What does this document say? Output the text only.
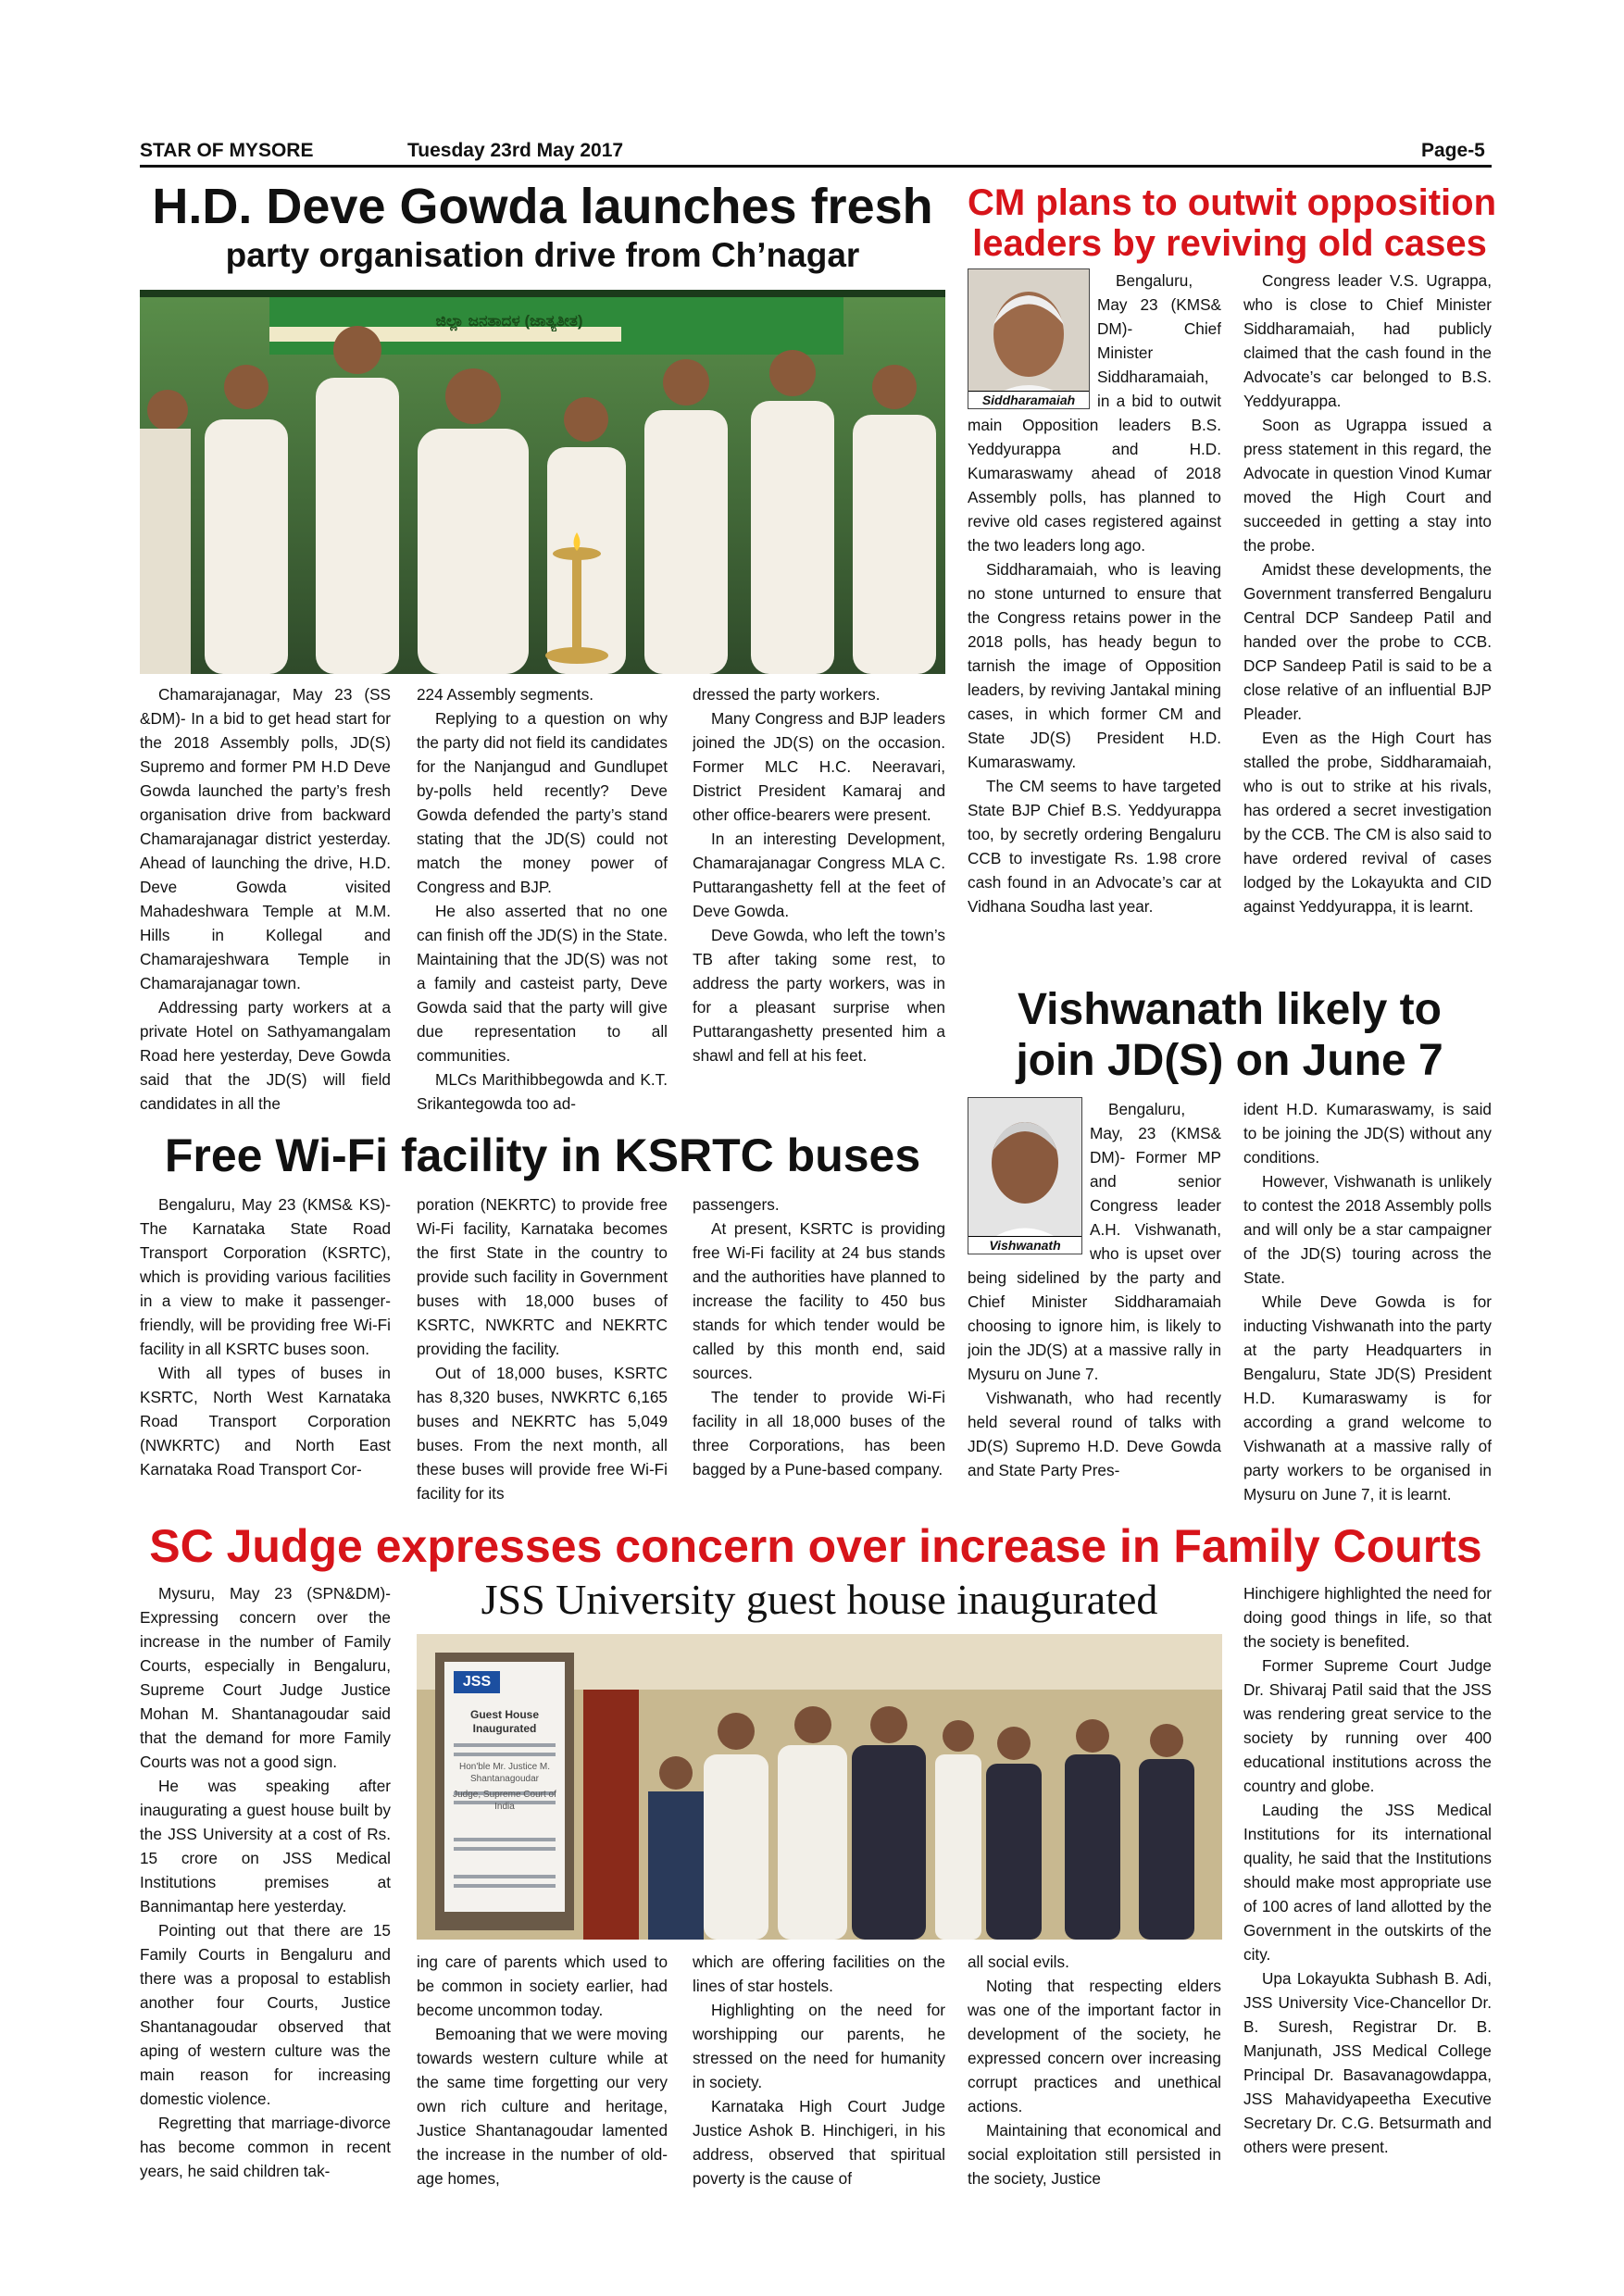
STAR OF MYSORE	Tuesday 23rd May 2017	Page-5
H.D. Deve Gowda launches fresh
party organisation drive from Ch’nagar
ಜಿಲ್ಲಾ ಜನತಾದಳ (ಜಾತ್ಯತೀತ)

Chamarajanagar, May 23 (SS &DM)- In a bid to get head start for the 2018 Assembly polls, JD(S) Supremo and former PM H.D Deve Gowda launched the party’s fresh organisation drive from backward Chamarajanagar district yesterday. Ahead of launching the drive, H.D. Deve Gowda visited Mahadeshwara Temple at M.M. Hills in Kollegal and Chamarajeshwara Temple in Chamarajanagar town.

Addressing party workers at a private Hotel on Sathyamangalam Road here yesterday, Deve Gowda said that the JD(S) will field candidates in all the

224 Assembly segments.

Replying to a question on why the party did not field its candidates for the Nanjangud and Gundlupet by-polls held recently? Deve Gowda defended the party’s stand stating that the JD(S) could not match the money power of Congress and BJP.

He also asserted that no one can finish off the JD(S) in the State. Maintaining that the JD(S) was not a family and casteist party, Deve Gowda said that the party will give due representation to all communities.

MLCs Marithibbegowda and K.T. Srikantegowda too ad-

dressed the party workers.

Many Congress and BJP leaders joined the JD(S) on the occasion. Former MLC H.C. Neeravari, District President Kamaraj and other office-bearers were present.

In an interesting Development, Chamarajanagar Congress MLA C. Puttarangashetty fell at the feet of Deve Gowda.

Deve Gowda, who left the town’s TB after taking some rest, to address the party workers, was in for a pleasant surprise when Puttarangashetty presented him a shawl and fell at his feet.

CM plans to outwit opposition
leaders by reviving old cases
Siddharamaiah

Bengaluru, May 23 (KMS& DM)- Chief Minister Siddharamaiah, in a bid to outwit main Opposition leaders B.S. Yeddyurappa and H.D. Kumaraswamy ahead of 2018 Assembly polls, has planned to revive old cases registered against the two leaders long ago.

Siddharamaiah, who is leaving no stone unturned to ensure that the Congress retains power in the 2018 polls, has heady begun to tarnish the image of Opposition leaders, by reviving Jantakal mining cases, in which former CM and State JD(S) President H.D. Kumaraswamy.

The CM seems to have targeted State BJP Chief B.S. Yeddyurappa too, by secretly ordering Bengaluru CCB to investigate Rs. 1.98 crore cash found in an Advocate’s car at Vidhana Soudha last year.

Congress leader V.S. Ugrappa, who is close to Chief Minister Siddharamaiah, had publicly claimed that the cash found in the Advocate’s car belonged to B.S. Yeddyurappa.

Soon as Ugrappa issued a press statement in this regard, the Advocate in question Vinod Kumar moved the High Court and succeeded in getting a stay into the probe.

Amidst these developments, the Government transferred Bengaluru Central DCP Sandeep Patil and handed over the probe to CCB. DCP Sandeep Patil is said to be a close relative of an influential BJP Pleader.

Even as the High Court has stalled the probe, Siddharamaiah, who is out to strike at his rivals, has ordered a secret investigation by the CCB. The CM is also said to have ordered revival of cases lodged by the Lokayukta and CID against Yeddyurappa, it is learnt.

Vishwanath likely to
join JD(S) on June 7
Vishwanath

Bengaluru, May, 23 (KMS& DM)- Former MP and senior Congress leader A.H. Vishwanath, who is upset over being sidelined by the party and Chief Minister Siddharamaiah choosing to ignore him, is likely to join the JD(S) at a massive rally in Mysuru on June 7.

Vishwanath, who had recently held several round of talks with JD(S) Supremo H.D. Deve Gowda and State Party Pres-

ident H.D. Kumaraswamy, is said to be joining the JD(S) without any conditions.

However, Vishwanath is unlikely to contest the 2018 Assembly polls and will only be a star campaigner of the JD(S) touring across the State.

While Deve Gowda is for inducting Vishwanath into the party at the party Headquarters in Bengaluru, State JD(S) President H.D. Kumaraswamy is for according a grand welcome to Vishwanath at a massive rally of party workers to be organised in Mysuru on June 7, it is learnt.

Free Wi-Fi facility in KSRTC buses

Bengaluru, May 23 (KMS& KS)- The Karnataka State Road Transport Corporation (KSRTC), which is providing various facilities in a view to make it passenger-friendly, will be providing free Wi-Fi facility in all KSRTC buses soon.

With all types of buses in KSRTC, North West Karnataka Road Transport Corporation (NWKRTC) and North East Karnataka Road Transport Cor-

poration (NEKRTC) to provide free Wi-Fi facility, Karnataka becomes the first State in the country to provide such facility in Government buses with 18,000 buses of KSRTC, NWKRTC and NEKRTC providing the facility.

Out of 18,000 buses, KSRTC has 8,320 buses, NWKRTC 6,165 buses and NEKRTC has 5,049 buses. From the next month, all these buses will provide free Wi-Fi facility for its

passengers.

At present, KSRTC is providing free Wi-Fi facility at 24 bus stands and the authorities have planned to increase the facility to 450 bus stands for which tender would be called by this month end, said sources.

The tender to provide Wi-Fi facility in all 18,000 buses of the three Corporations, has been bagged by a Pune-based company.

SC Judge expresses concern over increase in Family Courts
JSS University guest house inaugurated
JSS
Guest House Inaugurated
Hon'ble Mr. Justice M. Shantanagoudar
Judge, Supreme Court of India

Mysuru, May 23 (SPN&DM)- Expressing concern over the increase in the number of Family Courts, especially in Bengaluru, Supreme Court Judge Justice Mohan M. Shantanagoudar said that the demand for more Family Courts was not a good sign.

He was speaking after inaugurating a guest house built by the JSS University at a cost of Rs. 15 crore on JSS Medical Institutions premises at Bannimantap here yesterday.

Pointing out that there are 15 Family Courts in Bengaluru and there was a proposal to establish another four Courts, Justice Shantanagoudar observed that aping of western culture was the main reason for increasing domestic violence.

Regretting that marriage-divorce has become common in recent years, he said children tak-

ing care of parents which used to be common in society earlier, had become uncommon today.

Bemoaning that we were moving towards western culture while at the same time forgetting our very own rich culture and heritage, Justice Shantanagoudar lamented the increase in the number of old-age homes,

which are offering facilities on the lines of star hostels.

Highlighting on the need for worshipping our parents, he stressed on the need for humanity in society.

Karnataka High Court Judge Justice Ashok B. Hinchigeri, in his address, observed that spiritual poverty is the cause of

all social evils.

Noting that respecting elders was one of the important factor in development of the society, he expressed concern over increasing corrupt practices and unethical actions.

Maintaining that economical and social exploitation still persisted in the society, Justice

Hinchigere highlighted the need for doing good things in life, so that the society is benefited.

Former Supreme Court Judge Dr. Shivaraj Patil said that the JSS was rendering great service to the society by running over 400 educational institutions across the country and globe.

Lauding the JSS Medical Institutions for its international quality, he said that the Institutions should make most appropriate use of 100 acres of land allotted by the Government in the outskirts of the city.

Upa Lokayukta Subhash B. Adi, JSS University Vice-Chancellor Dr. B. Suresh, Registrar Dr. B. Manjunath, JSS Medical College Principal Dr. Basavanagowdappa, JSS Mahavidyapeetha Executive Secretary Dr. C.G. Betsurmath and others were present.
